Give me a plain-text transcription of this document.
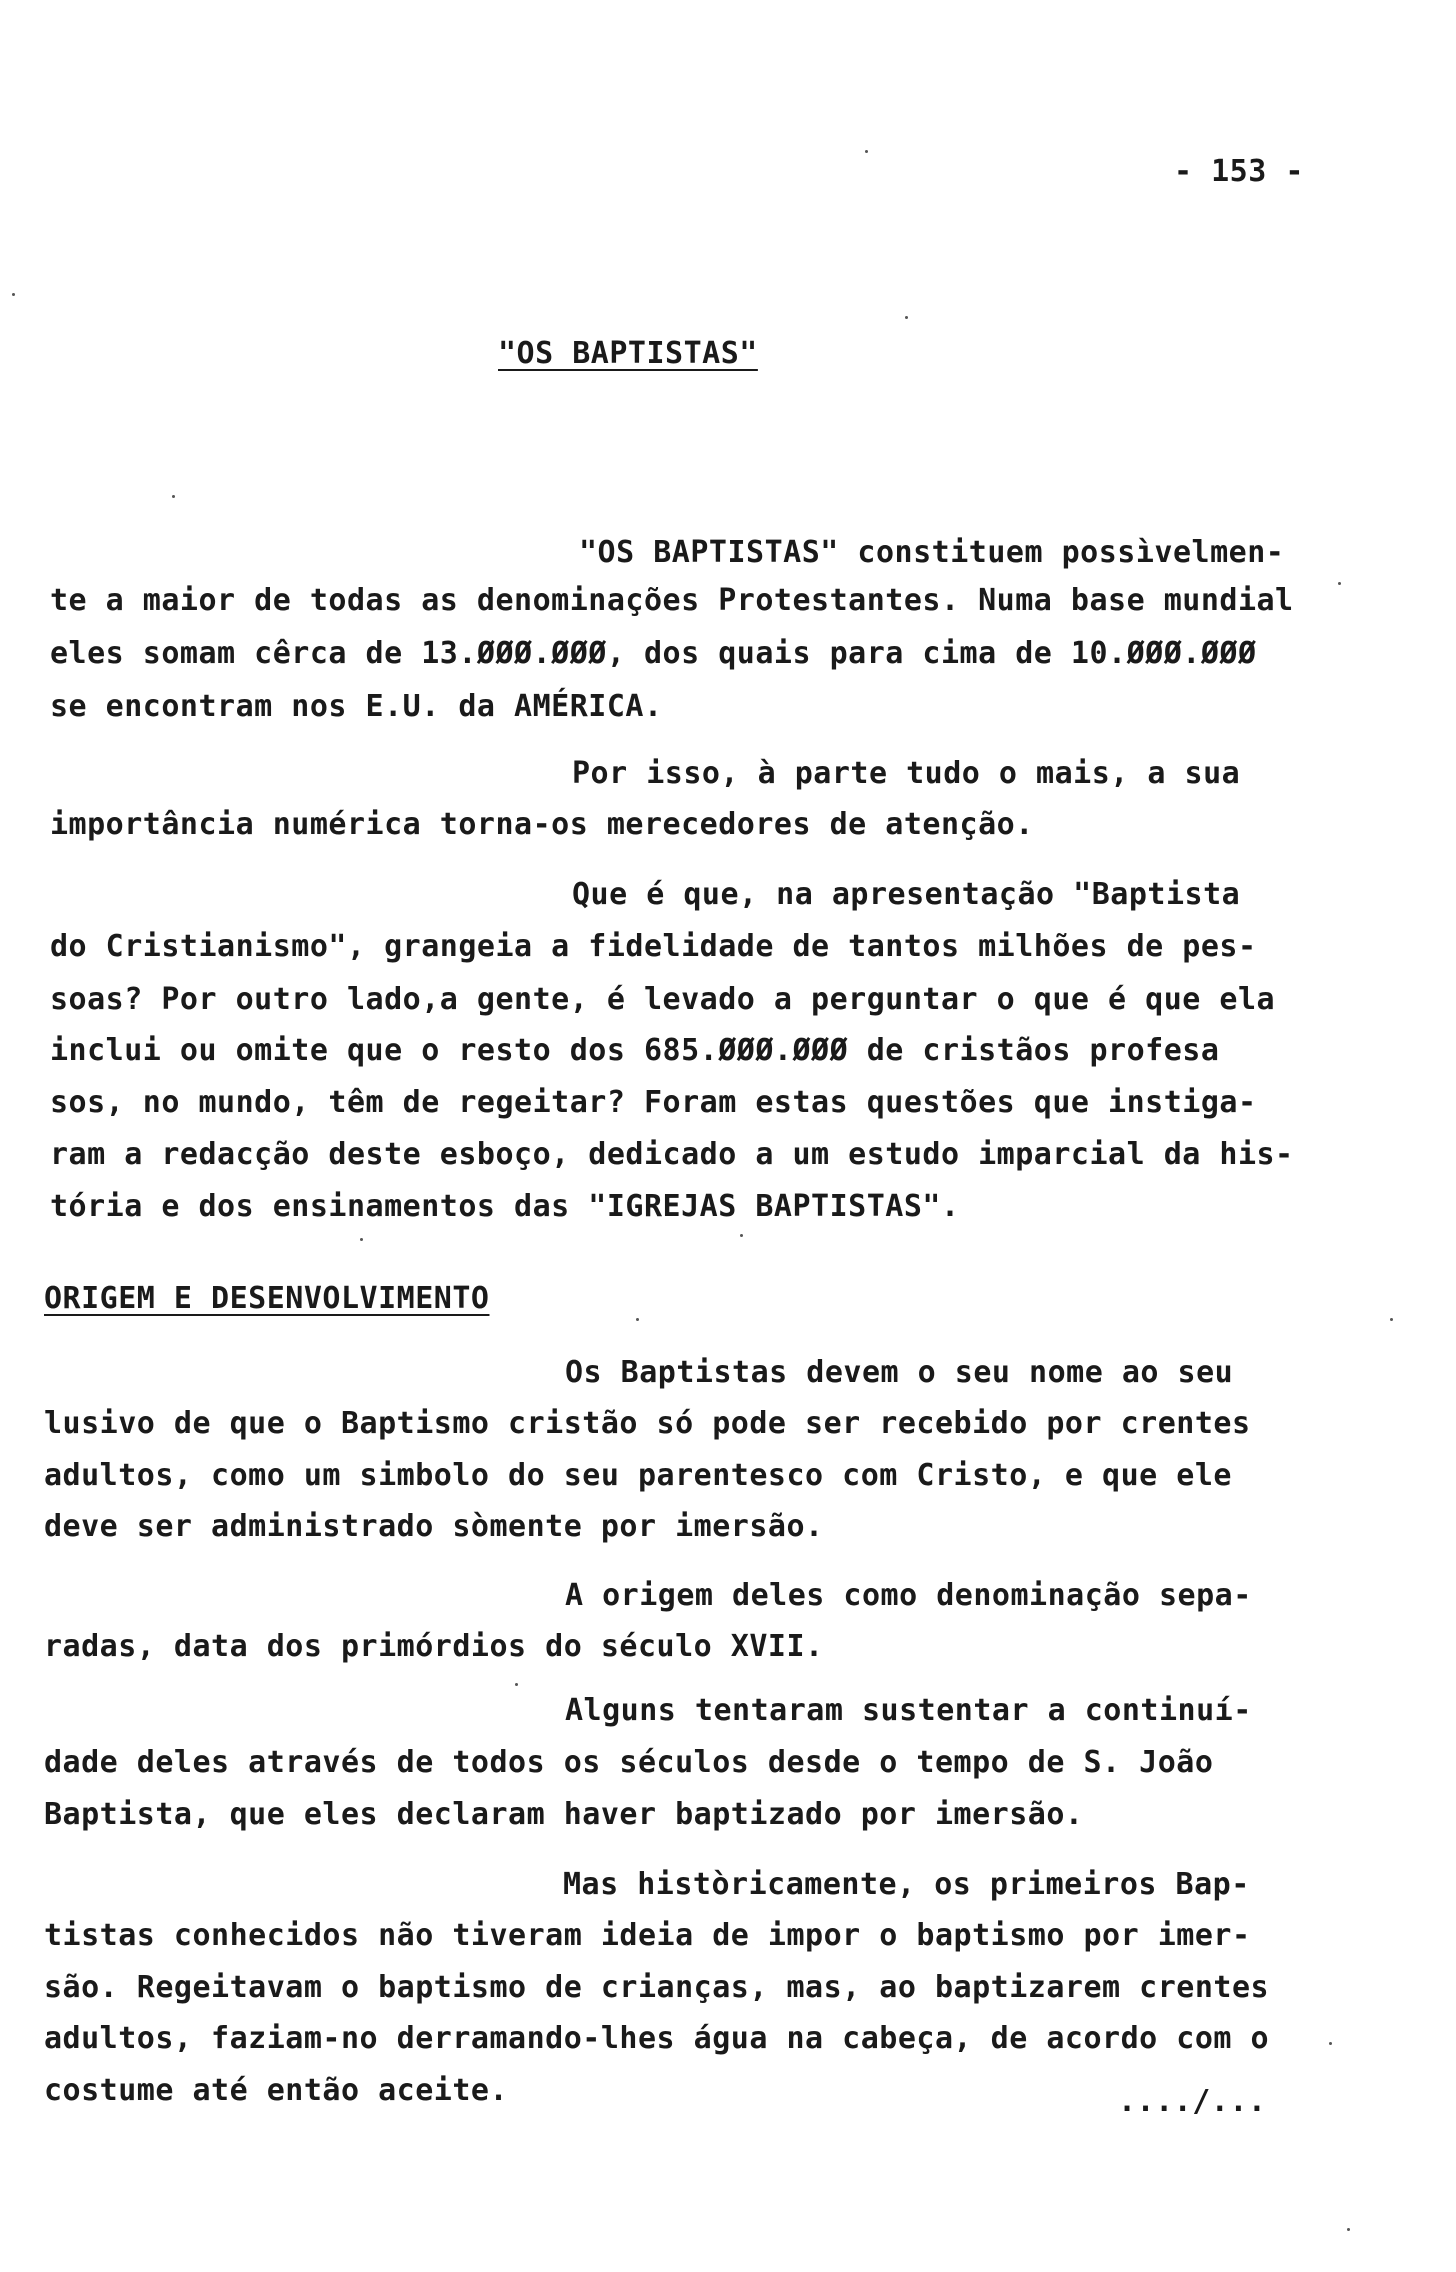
- 153 -
"OS BAPTISTAS"
"OS BAPTISTAS" constituem possìvelmen-
te a maior de todas as denominações Protestantes. Numa base mundial
eles somam cêrca de 13.ØØØ.ØØØ, dos quais para cima de 10.ØØØ.ØØØ
se encontram nos E.U. da AMÉRICA.
Por isso, à parte tudo o mais, a sua
importância numérica torna-os merecedores de atenção.
Que é que, na apresentação "Baptista
do Cristianismo", grangeia a fidelidade de tantos milhões de pes-
soas? Por outro lado,a gente, é levado a perguntar o que é que ela
inclui ou omite que o resto dos 685.ØØØ.ØØØ de cristãos profesa
sos, no mundo, têm de regeitar? Foram estas questões que instiga-
ram a redacção deste esboço, dedicado a um estudo imparcial da his-
tória e dos ensinamentos das "IGREJAS BAPTISTAS".
ORIGEM E DESENVOLVIMENTO
Os Baptistas devem o seu nome ao seu
lusivo de que o Baptismo cristão só pode ser recebido por crentes
adultos, como um simbolo do seu parentesco com Cristo, e que ele
deve ser administrado sòmente por imersão.
A origem deles como denominação sepa-
radas, data dos primórdios do século XVII.
Alguns tentaram sustentar a continuí-
dade deles através de todos os séculos desde o tempo de S. João
Baptista, que eles declaram haver baptizado por imersão.
Mas històricamente, os primeiros Bap-
tistas conhecidos não tiveram ideia de impor o baptismo por imer-
são. Regeitavam o baptismo de crianças, mas, ao baptizarem crentes
adultos, faziam-no derramando-lhes água na cabeça, de acordo com o
costume até então aceite.	..../...
